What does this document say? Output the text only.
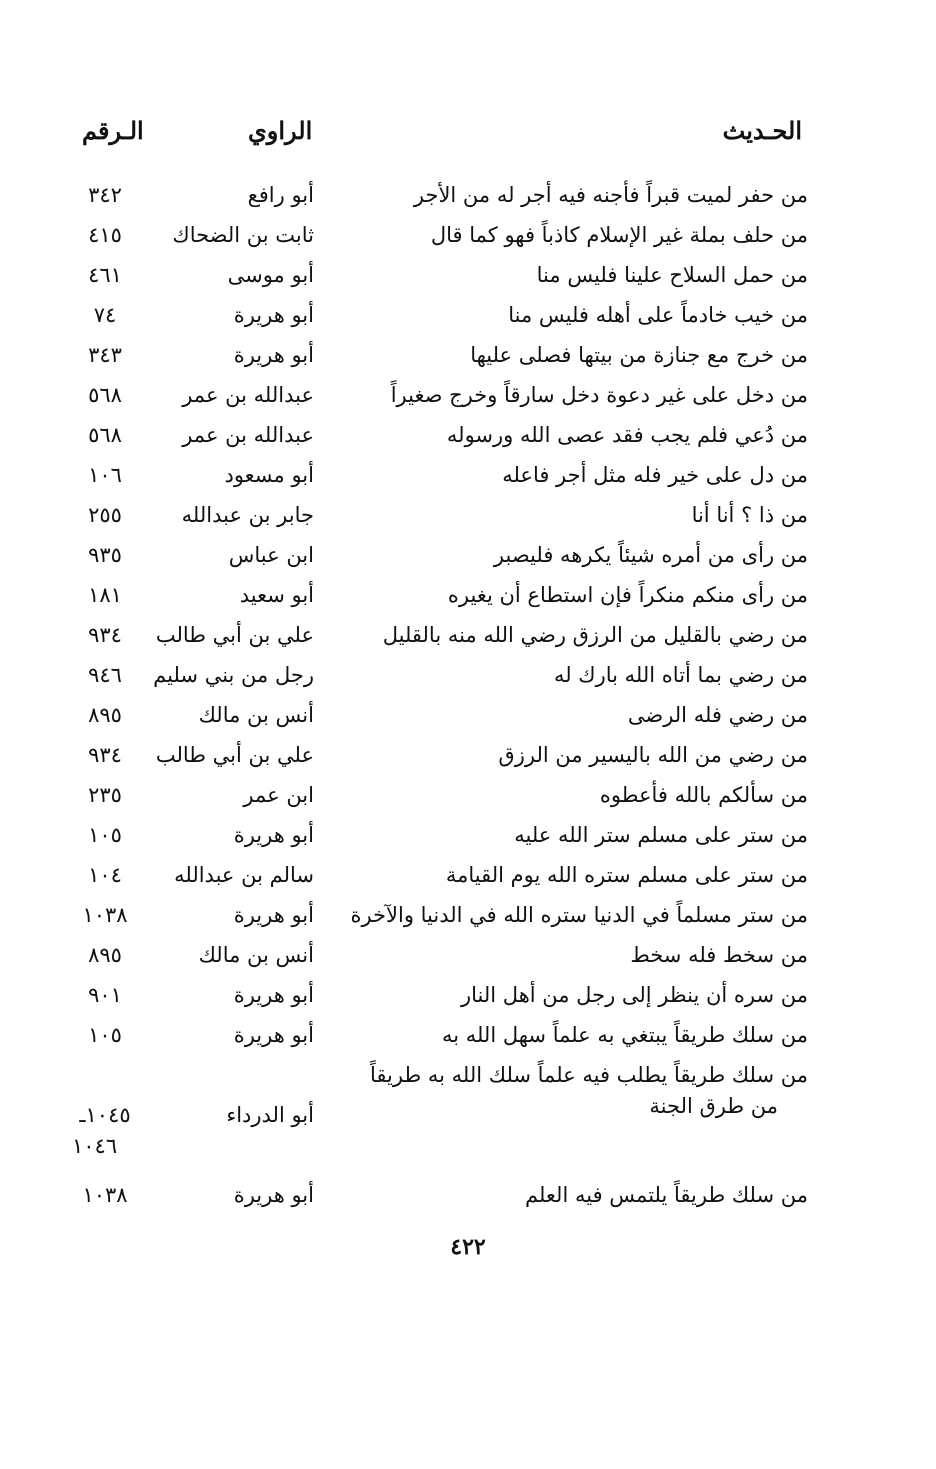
الحـديث
الراوي
الـرقم
من حفر لميت قبراً فأجنه فيه أجر له من الأجر
أبو رافع
٣٤٢
من حلف بملة غير الإسلام كاذباً فهو كما قال
ثابت بن الضحاك
٤١٥
من حمل السلاح علينا فليس منا
أبو موسى
٤٦١
من خيب خادماً على أهله فليس منا
أبو هريرة
٧٤
من خرج مع جنازة من بيتها فصلى عليها
أبو هريرة
٣٤٣
من دخل على غير دعوة دخل سارقاً وخرج صغيراً
عبدالله بن عمر
٥٦٨
من دُعي فلم يجب فقد عصى الله ورسوله
عبدالله بن عمر
٥٦٨
من دل على خير فله مثل أجر فاعله
أبو مسعود
١٠٦
من ذا ؟ أنا أنا
جابر بن عبدالله
٢٥٥
من رأى من أمره شيئاً يكرهه فليصبر
ابن عباس
٩٣٥
من رأى منكم منكراً فإن استطاع أن يغيره
أبو سعيد
١٨١
من رضي بالقليل من الرزق رضي الله منه بالقليل
علي بن أبي طالب
٩٣٤
من رضي بما أتاه الله بارك له
رجل من بني سليم
٩٤٦
من رضي فله الرضى
أنس بن مالك
٨٩٥
من رضي من الله باليسير من الرزق
علي بن أبي طالب
٩٣٤
من سألكم بالله فأعطوه
ابن عمر
٢٣٥
من ستر على مسلم ستر الله عليه
أبو هريرة
١٠٥
من ستر على مسلم ستره الله يوم القيامة
سالم بن عبدالله
١٠٤
من ستر مسلماً في الدنيا ستره الله في الدنيا والآخرة
أبو هريرة
١٠٣٨
من سخط فله سخط
أنس بن مالك
٨٩٥
من سره أن ينظر إلى رجل من أهل النار
أبو هريرة
٩٠١
من سلك طريقاً يبتغي به علماً سهل الله به
أبو هريرة
١٠٥
من سلك طريقاً يطلب فيه علماً سلك الله به طريقاً
أبو الدرداء
١٠٤٥ـ
من سلك طريقاً يلتمس فيه العلم
أبو هريرة
١٠٣٨
من طرق الجنة
١٠٤٦
٤٢٢
